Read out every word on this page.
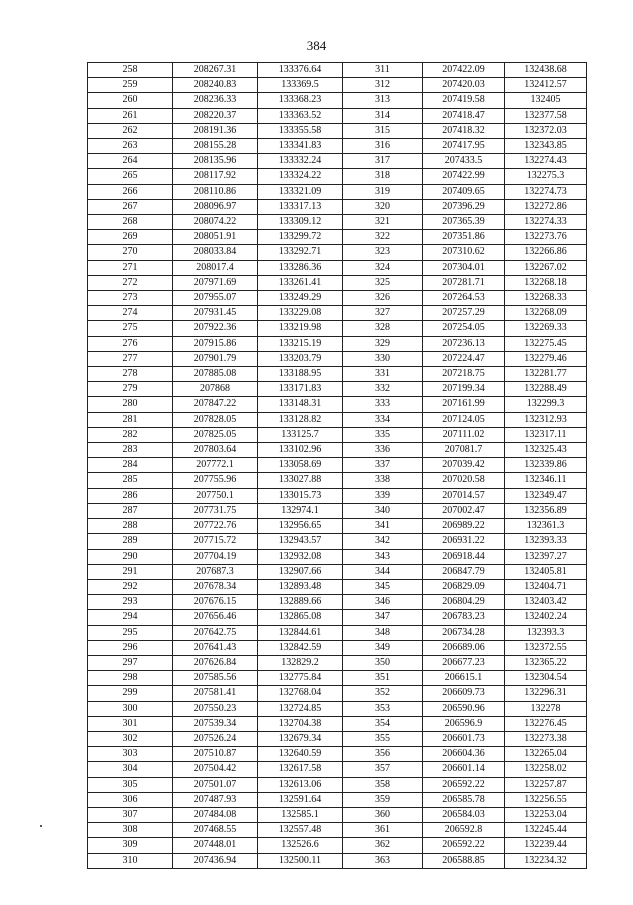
384
258	208267.31	133376.64	311	207422.09	132438.68
259	208240.83	133369.5	312	207420.03	132412.57
260	208236.33	133368.23	313	207419.58	132405
261	208220.37	133363.52	314	207418.47	132377.58
262	208191.36	133355.58	315	207418.32	132372.03
263	208155.28	133341.83	316	207417.95	132343.85
264	208135.96	133332.24	317	207433.5	132274.43
265	208117.92	133324.22	318	207422.99	132275.3
266	208110.86	133321.09	319	207409.65	132274.73
267	208096.97	133317.13	320	207396.29	132272.86
268	208074.22	133309.12	321	207365.39	132274.33
269	208051.91	133299.72	322	207351.86	132273.76
270	208033.84	133292.71	323	207310.62	132266.86
271	208017.4	133286.36	324	207304.01	132267.02
272	207971.69	133261.41	325	207281.71	132268.18
273	207955.07	133249.29	326	207264.53	132268.33
274	207931.45	133229.08	327	207257.29	132268.09
275	207922.36	133219.98	328	207254.05	132269.33
276	207915.86	133215.19	329	207236.13	132275.45
277	207901.79	133203.79	330	207224.47	132279.46
278	207885.08	133188.95	331	207218.75	132281.77
279	207868	133171.83	332	207199.34	132288.49
280	207847.22	133148.31	333	207161.99	132299.3
281	207828.05	133128.82	334	207124.05	132312.93
282	207825.05	133125.7	335	207111.02	132317.11
283	207803.64	133102.96	336	207081.7	132325.43
284	207772.1	133058.69	337	207039.42	132339.86
285	207755.96	133027.88	338	207020.58	132346.11
286	207750.1	133015.73	339	207014.57	132349.47
287	207731.75	132974.1	340	207002.47	132356.89
288	207722.76	132956.65	341	206989.22	132361.3
289	207715.72	132943.57	342	206931.22	132393.33
290	207704.19	132932.08	343	206918.44	132397.27
291	207687.3	132907.66	344	206847.79	132405.81
292	207678.34	132893.48	345	206829.09	132404.71
293	207676.15	132889.66	346	206804.29	132403.42
294	207656.46	132865.08	347	206783.23	132402.24
295	207642.75	132844.61	348	206734.28	132393.3
296	207641.43	132842.59	349	206689.06	132372.55
297	207626.84	132829.2	350	206677.23	132365.22
298	207585.56	132775.84	351	206615.1	132304.54
299	207581.41	132768.04	352	206609.73	132296.31
300	207550.23	132724.85	353	206590.96	132278
301	207539.34	132704.38	354	206596.9	132276.45
302	207526.24	132679.34	355	206601.73	132273.38
303	207510.87	132640.59	356	206604.36	132265.04
304	207504.42	132617.58	357	206601.14	132258.02
305	207501.07	132613.06	358	206592.22	132257.87
306	207487.93	132591.64	359	206585.78	132256.55
307	207484.08	132585.1	360	206584.03	132253.04
308	207468.55	132557.48	361	206592.8	132245.44
309	207448.01	132526.6	362	206592.22	132239.44
310	207436.94	132500.11	363	206588.85	132234.32
